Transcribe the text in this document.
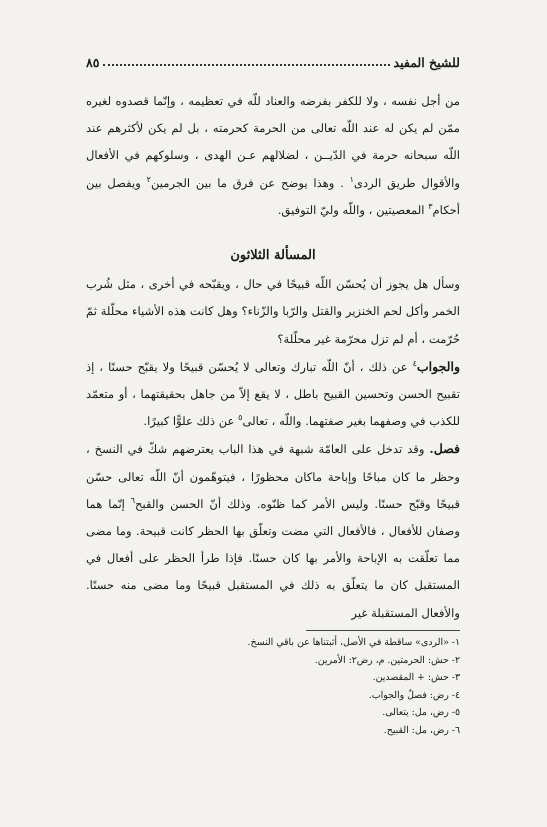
للشيخ المفيد
٨٥

من أجل نفسه ، ولا للكفر بفرضه والعناد للّه في تعظيمه ، وإنّما قصدوه لغيره ممّن لم يكن له عند اللّه تعالى من الحرمة كحرمته ، بل لم يكن لأكثرهم عند اللّه سبحانه حرمة في الدّيــن ، لضلالهم عـن الهدى ، وسلوكهم في الأفعال والأقوال طريق الردى$^١$ . وهذا يوضح عن فرق ما بين الجرمين$^٢$ ويفصل بين أحكام$^٣$ المعصيتين ، واللّه وليّ التوفيق.

المسألة الثلاثون

وسأل هل يجوز أن يُحسّن اللّه قبيحًا في حال ، ويقبّحه في أخرى ، مثل شُرب الخمر وأكل لحم الخنزير والقتل والرّبا والزّناء؟ وهل كانت هذه الأشياء محلّلة ثمّ حُرّمت ، أم لم تزل محرّمة غير محلّلة؟

والجواب$^٤$ عن ذلك ، أنّ اللّه تبارك وتعالى لا يُحسّن قبيحًا ولا يقبّح حسنًا ، إذ تقبيح الحسن وتحسين القبيح باطل ، لا يقع إلاّ من جاهل بحقيقتهما ، أو متعمّد للكذب في وصفهما بغير صفتهما. واللّه ، تعالى$^٥$ عن ذلك علوًّا كبيرًا.

فصل. وقد تدخل على العامّة شبهة في هذا الباب يعترضهم شكّ في النسخ ، وحظر ما كان مباحًا وإباحة ماكان محظورًا ، فيتوهّمون أنّ اللّه تعالى حسّن قبيحًا وقبّح حسنًا. وليس الأمر كما ظنّوه. وذلك أنّ الحسن والقبح$^٦$ إنّما هما وصفان للأفعال ، فالأفعال التي مضت وتعلّق بها الحظر كانت قبيحة. وما مضى مما تعلّقت به الإباحة والأمر بها كان حسنًا. فإذا طرأ الحظر على أفعال في المستقبل كان ما يتعلّق به ذلك في المستقبل قبيحًا وما مضى منه حسنًا. والأفعال المستقبلة غير

١- «الردى» ساقطة في الأصل، أثبتناها عن باقي النسخ.
٢- حش: الحرمتين. م، رض٢: الأمرين.
٣- حش: + المقصدين.
٤- رض: فصلٌ والجواب.
٥- رض، مل: يتعالى.
٦- رض، مل: القبيح.
